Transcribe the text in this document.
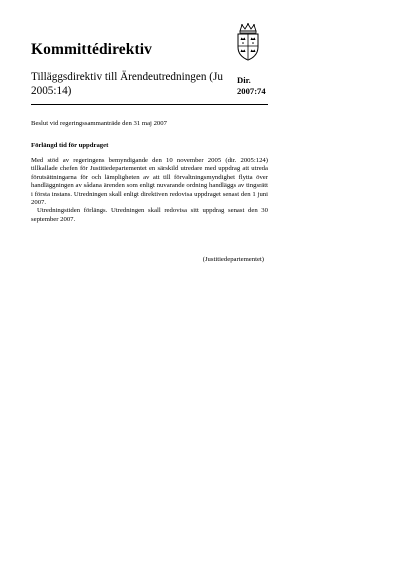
Kommittédirektiv
Tilläggsdirektiv till Ärendeutredningen (Ju 2005:14)
Dir.
2007:74
Beslut vid regeringssammanträde den 31 maj 2007
Förlängd tid för uppdraget

Med stöd av regeringens bemyndigande den 10 november 2005 (dir. 2005:124) tillkallade chefen för Justitiedepartementet en särskild utredare med uppdrag att utreda förutsättningarna för och lämpligheten av att till förvaltningsmyndighet flytta över handläggningen av sådana ärenden som enligt nuvarande ordning handläggs av tingsrätt i första instans. Utredningen skall enligt direktiven redovisa uppdraget senast den 1 juni 2007.

Utredningstiden förlängs. Utredningen skall redovisa sitt uppdrag senast den 30 september 2007.

(Justitiedepartementet)
